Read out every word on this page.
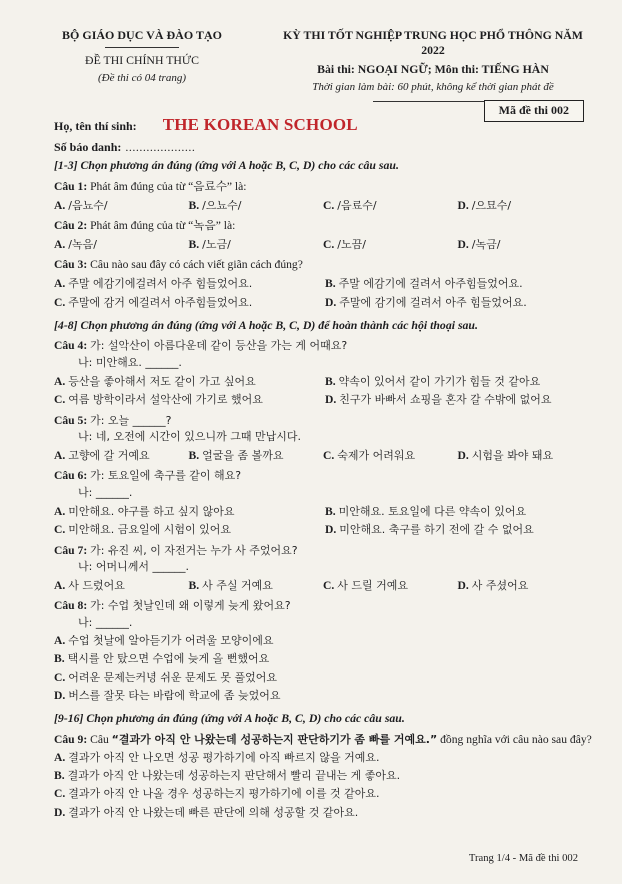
BỘ GIÁO DỤC VÀ ĐÀO TẠO
ĐỀ THI CHÍNH THỨC
(Đề thi có 04 trang)
KỲ THI TỐT NGHIỆP TRUNG HỌC PHỔ THÔNG NĂM 2022
Bài thi: NGOẠI NGỮ; Môn thi: TIẾNG HÀN
Thời gian làm bài: 60 phút, không kể thời gian phát đề
Họ, tên thí sinh: THE KOREAN SCHOOL
Số báo danh: ....................
Mã đề thi 002
[1-3] Chọn phương án đúng (ứng với A hoặc B, C, D) cho các câu sau.
Câu 1: Phát âm đúng của từ “음료수” là:
A. /음뇨수/	B. /으뇨수/	C. /음료수/	D. /으묘수/
Câu 2: Phát âm đúng của từ “녹음” là:
A. /녹음/	B. /노금/	C. /노끔/	D. /녹금/
Câu 3: Câu nào sau đây có cách viết giãn cách đúng?
A. 주말 에감기에걸려서 아주 힘들었어요.	B. 주말 에감기에 걸려서 아주힘들었어요.
C. 주말에 감거 에걸려서 아주힘들었어요.	D. 주말에 감기에 걸려서 아주 힘들었어요.
[4-8] Chọn phương án đúng (ứng với A hoặc B, C, D) để hoàn thành các hội thoại sau.
Câu 4: 가: 설악산이 아름다운데 같이 등산을 가는 게 어때요?
나: 미안해요. ______.
A. 등산을 좋아해서 저도 같이 가고 싶어요	B. 약속이 있어서 같이 가기가 힘들 것 같아요
C. 여름 방학이라서 설악산에 가기로 했어요	D. 친구가 바빠서 쇼핑을 혼자 갈 수밖에 없어요
Câu 5: 가: 오늘 ______?
나: 네, 오전에 시간이 있으니까 그때 만납시다.
A. 고향에 갈 거예요	B. 얼굴을 좀 볼까요	C. 숙제가 어려워요	D. 시험을 봐야 돼요
Câu 6: 가: 토요일에 축구를 같이 해요?
나: ______.
A. 미안해요. 야구를 하고 싶지 않아요	B. 미안해요. 토요일에 다른 약속이 있어요
C. 미안해요. 금요일에 시험이 있어요	D. 미안해요. 축구를 하기 전에 갈 수 없어요
Câu 7: 가: 유진 씨, 이 자전거는 누가 사 주었어요?
나: 어머니께서 ______.
A. 사 드렸어요	B. 사 주실 거예요	C. 사 드릴 거예요	D. 사 주셨어요
Câu 8: 가: 수업 첫날인데 왜 이렇게 늦게 왔어요?
나: ______.
A. 수업 첫날에 알아듣기가 어려울 모양이에요
B. 택시를 안 탔으면 수업에 늦게 올 뻔했어요
C. 어려운 문제는커녕 쉬운 문제도 못 풀었어요
D. 버스를 잘못 타는 바람에 학교에 좀 늦었어요
[9-16] Chọn phương án đúng (ứng với A hoặc B, C, D) cho các câu sau.
Câu 9: Câu “결과가 아직 안 나왔는데 성공하는지 판단하기가 좀 빠를 거예요.” đồng nghĩa với câu nào sau đây?
A. 결과가 아직 안 나오면 성공 평가하기에 아직 빠르지 않을 거예요.
B. 결과가 아직 안 나왔는데 성공하는지 판단해서 빨리 끝내는 게 좋아요.
C. 결과가 아직 안 나올 경우 성공하는지 평가하기에 이를 것 같아요.
D. 결과가 아직 안 나왔는데 빠른 판단에 의해 성공할 것 같아요.
Trang 1/4 - Mã đề thi 002
